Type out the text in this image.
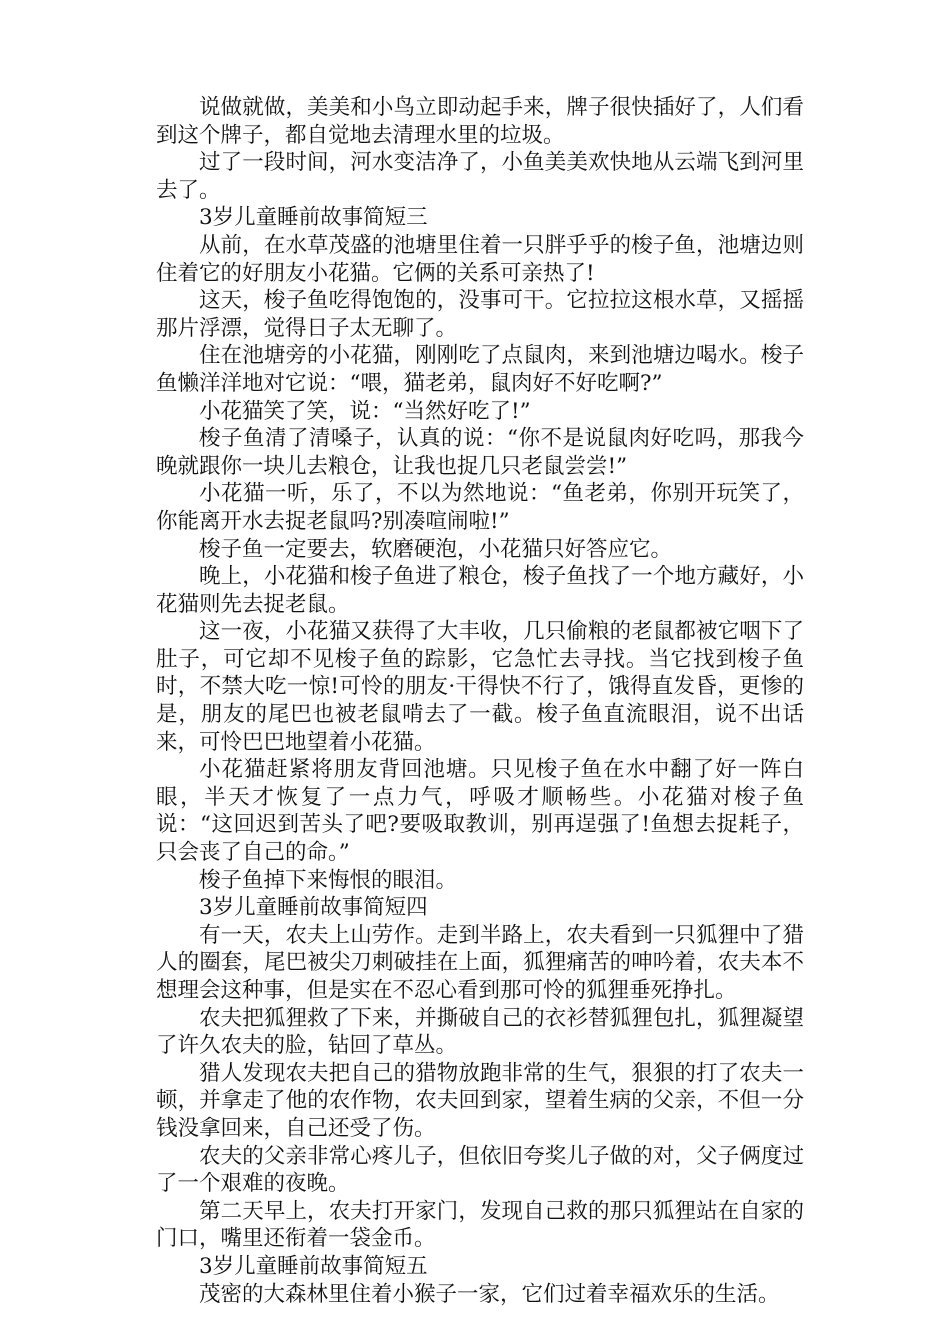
说做就做，美美和小鸟立即动起手来，牌子很快插好了，人们看到这个牌子，都自觉地去清理水里的垃圾。

过了一段时间，河水变洁净了，小鱼美美欢快地从云端飞到河里去了。

3岁儿童睡前故事简短三

从前，在水草茂盛的池塘里住着一只胖乎乎的梭子鱼，池塘边则住着它的好朋友小花猫。它俩的关系可亲热了!

这天，梭子鱼吃得饱饱的，没事可干。它拉拉这根水草，又摇摇那片浮漂，觉得日子太无聊了。

住在池塘旁的小花猫，刚刚吃了点鼠肉，来到池塘边喝水。梭子鱼懒洋洋地对它说：“喂，猫老弟，鼠肉好不好吃啊?”

小花猫笑了笑，说：“当然好吃了!”

梭子鱼清了清嗓子，认真的说：“你不是说鼠肉好吃吗，那我今晚就跟你一块儿去粮仓，让我也捉几只老鼠尝尝!”

小花猫一听，乐了，不以为然地说：“鱼老弟，你别开玩笑了，你能离开水去捉老鼠吗?别凑喧闹啦!”

梭子鱼一定要去，软磨硬泡，小花猫只好答应它。

晚上，小花猫和梭子鱼进了粮仓，梭子鱼找了一个地方藏好，小花猫则先去捉老鼠。

这一夜，小花猫又获得了大丰收，几只偷粮的老鼠都被它咽下了肚子，可它却不见梭子鱼的踪影，它急忙去寻找。当它找到梭子鱼时，不禁大吃一惊!可怜的朋友·干得快不行了，饿得直发昏，更惨的是，朋友的尾巴也被老鼠啃去了一截。梭子鱼直流眼泪，说不出话来，可怜巴巴地望着小花猫。

小花猫赶紧将朋友背回池塘。只见梭子鱼在水中翻了好一阵白眼，半天才恢复了一点力气，呼吸才顺畅些。小花猫对梭子鱼说：“这回迟到苦头了吧?要吸取教训，别再逞强了!鱼想去捉耗子，只会丧了自己的命。”

梭子鱼掉下来悔恨的眼泪。

3岁儿童睡前故事简短四

有一天，农夫上山劳作。走到半路上，农夫看到一只狐狸中了猎人的圈套，尾巴被尖刀刺破挂在上面，狐狸痛苦的呻吟着，农夫本不想理会这种事，但是实在不忍心看到那可怜的狐狸垂死挣扎。

农夫把狐狸救了下来，并撕破自己的衣衫替狐狸包扎，狐狸凝望了许久农夫的脸，钻回了草丛。

猎人发现农夫把自己的猎物放跑非常的生气，狠狠的打了农夫一顿，并拿走了他的农作物，农夫回到家，望着生病的父亲，不但一分钱没拿回来，自己还受了伤。

农夫的父亲非常心疼儿子，但依旧夸奖儿子做的对，父子俩度过了一个艰难的夜晚。

第二天早上，农夫打开家门，发现自己救的那只狐狸站在自家的门口，嘴里还衔着一袋金币。

3岁儿童睡前故事简短五

茂密的大森林里住着小猴子一家，它们过着幸福欢乐的生活。
